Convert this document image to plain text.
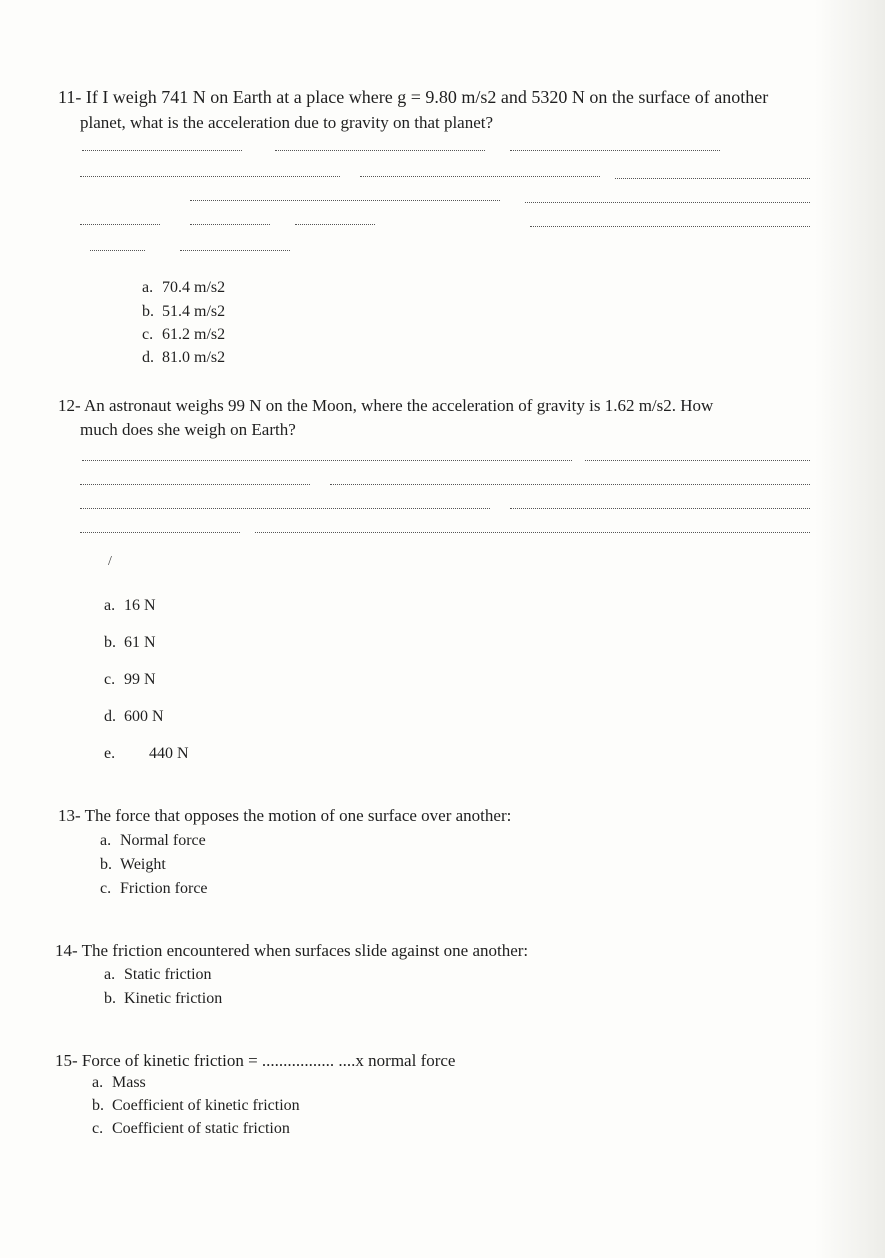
11- If I weigh 741 N on Earth at a place where g = 9.80 m/s2 and 5320 N on the surface of another
planet, what is the acceleration due to gravity on that planet?
a. 70.4 m/s2
b. 51.4 m/s2
c. 61.2 m/s2
d. 81.0 m/s2
12- An astronaut weighs 99 N on the Moon, where the acceleration of gravity is 1.62 m/s2. How
much does she weigh on Earth?
/
a. 16 N
b. 61 N
c. 99 N
d. 600 N
e. 440 N
13- The force that opposes the motion of one surface over another:
a. Normal force
b. Weight
c. Friction force
14- The friction encountered when surfaces slide against one another:
a. Static friction
b. Kinetic friction
15- Force of kinetic friction = ................. ....x normal force
a. Mass
b. Coefficient of kinetic friction
c. Coefficient of static friction
